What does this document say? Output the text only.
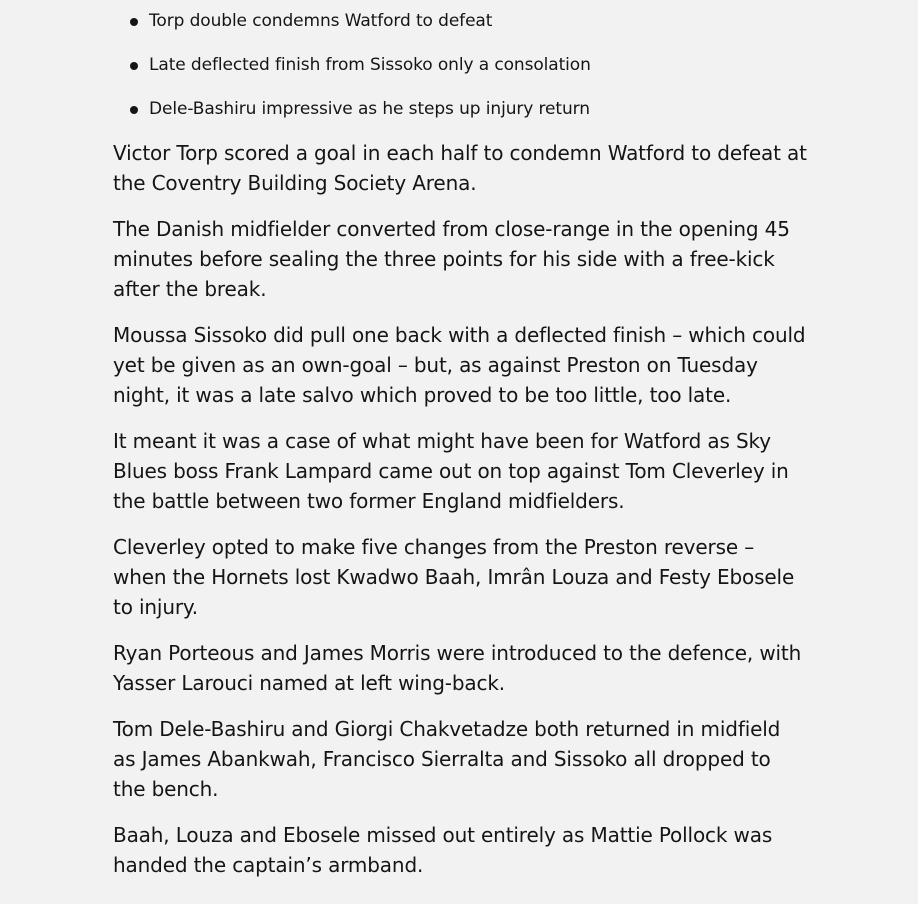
Torp double condemns Watford to defeat
Late deflected finish from Sissoko only a consolation
Dele-Bashiru impressive as he steps up injury return

Victor Torp scored a goal in each half to condemn Watford to defeat at the Coventry Building Society Arena.

The Danish midfielder converted from close-range in the opening 45 minutes before sealing the three points for his side with a free-kick after the break.

Moussa Sissoko did pull one back with a deflected finish – which could yet be given as an own-goal – but, as against Preston on Tuesday night, it was a late salvo which proved to be too little, too late.

It meant it was a case of what might have been for Watford as Sky Blues boss Frank Lampard came out on top against Tom Cleverley in the battle between two former England midfielders.

Cleverley opted to make five changes from the Preston reverse – when the Hornets lost Kwadwo Baah, Imrân Louza and Festy Ebosele to injury.

Ryan Porteous and James Morris were introduced to the defence, with Yasser Larouci named at left wing-back.

Tom Dele-Bashiru and Giorgi Chakvetadze both returned in midfield as James Abankwah, Francisco Sierralta and Sissoko all dropped to the bench.

Baah, Louza and Ebosele missed out entirely as Mattie Pollock was handed the captain’s armband.
